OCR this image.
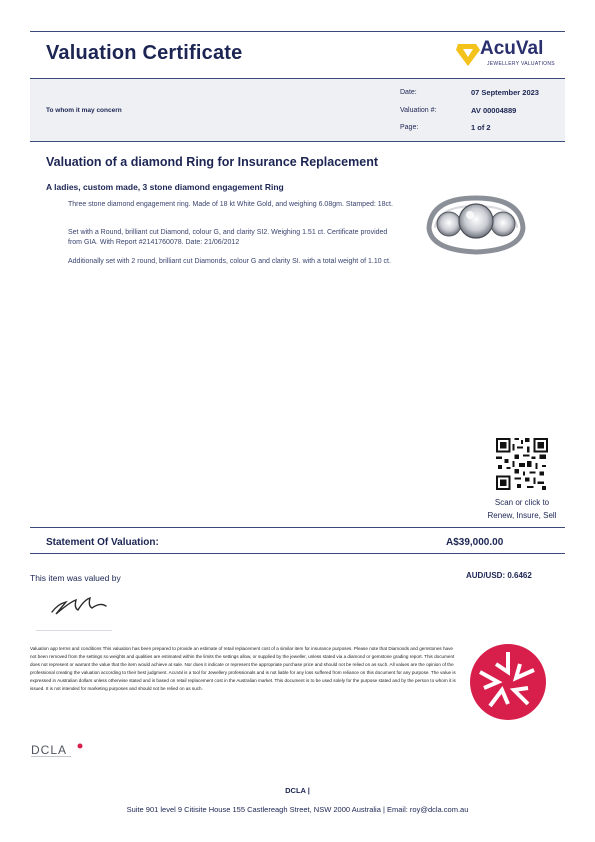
Valuation Certificate	AcuVal
JEWELLERY VALUATIONS
To whom it may concern
Date:	07 September 2023
Valuation #:	AV 00004889
Page:	1 of 2
Valuation of a diamond Ring for Insurance Replacement
A ladies, custom made, 3 stone diamond engagement Ring
Three stone diamond engagement ring. Made of 18 kt White Gold, and weighing 6.08gm. Stamped: 18ct.
Set with a Round, brilliant cut Diamond, colour G, and clarity SI2. Weighing 1.51 ct. Certificate provided from GIA. With Report #2141760078. Date: 21/06/2012
Additionally set with 2 round, brilliant cut Diamonds, colour G and clarity SI. with a total weight of 1.10 ct.
Scan or click to
Renew, Insure, Sell
Statement Of Valuation:	A$39,000.00
This item was valued by	AUD/USD: 0.6462
Valuation app terms and conditions This valuation has been prepared to provide an estimate of retail replacement cost of a similar item for insurance purposes. Please note that Diamonds and gemstones have not been removed from the settings so weights and qualities are estimated within the limits the settings allow, or supplied by the jeweller, unless stated via a diamond or gemstone grading report. This document does not represent or warrant the value that the item would achieve at sale. Nor does it indicate or represent the appropriate purchase price and should not be relied on as such. All values are the opinion of the professional creating the valuation according to their best judgment. AcuVal is a tool for Jewellery professionals and is not liable for any loss suffered from reliance on this document for any purpose. The value is expressed in Australian dollars unless otherwise stated and is based on retail replacement cost in the Australian market. This document is to be used solely for the purpose stated and by the person to whom it is issued. It is not intended for marketing purposes and should not be relied on as such.
DCLA
DCLA |
Suite 901 level 9 Citisite House 155 Castlereagh Street, NSW 2000 Australia | Email: roy@dcla.com.au
